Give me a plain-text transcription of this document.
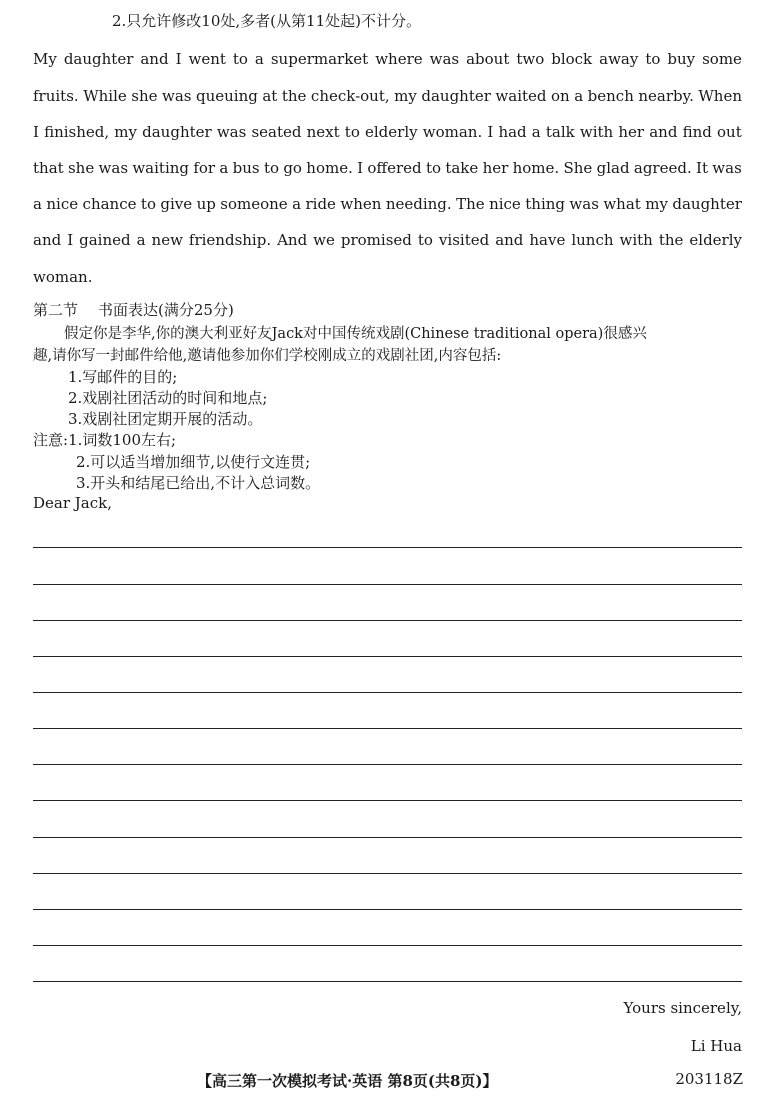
2.只允许修改10处,多者(从第11处起)不计分。
My daughter and I went to a supermarket where was about two block away to buy some
fruits. While she was queuing at the check-out, my daughter waited on a bench nearby. When
I finished, my daughter was seated next to elderly woman. I had a talk with her and find out
that she was waiting for a bus to go home. I offered to take her home. She glad agreed. It was
a nice chance to give up someone a ride when needing. The nice thing was what my daughter
and I gained a new friendship. And we promised to visited and have lunch with the elderly
woman.
第二节 书面表达(满分25分)
假定你是李华,你的澳大利亚好友Jack对中国传统戏剧(Chinese traditional opera)很感兴
趣,请你写一封邮件给他,邀请他参加你们学校刚成立的戏剧社团,内容包括:
1.写邮件的目的;
2.戏剧社团活动的时间和地点;
3.戏剧社团定期开展的活动。
注意:1.词数100左右;
2.可以适当增加细节,以使行文连贯;
3.开头和结尾已给出,不计入总词数。
Dear Jack,
Yours sincerely,
Li Hua
【高三第一次模拟考试·英语 第8页(共8页)】	203118Z
